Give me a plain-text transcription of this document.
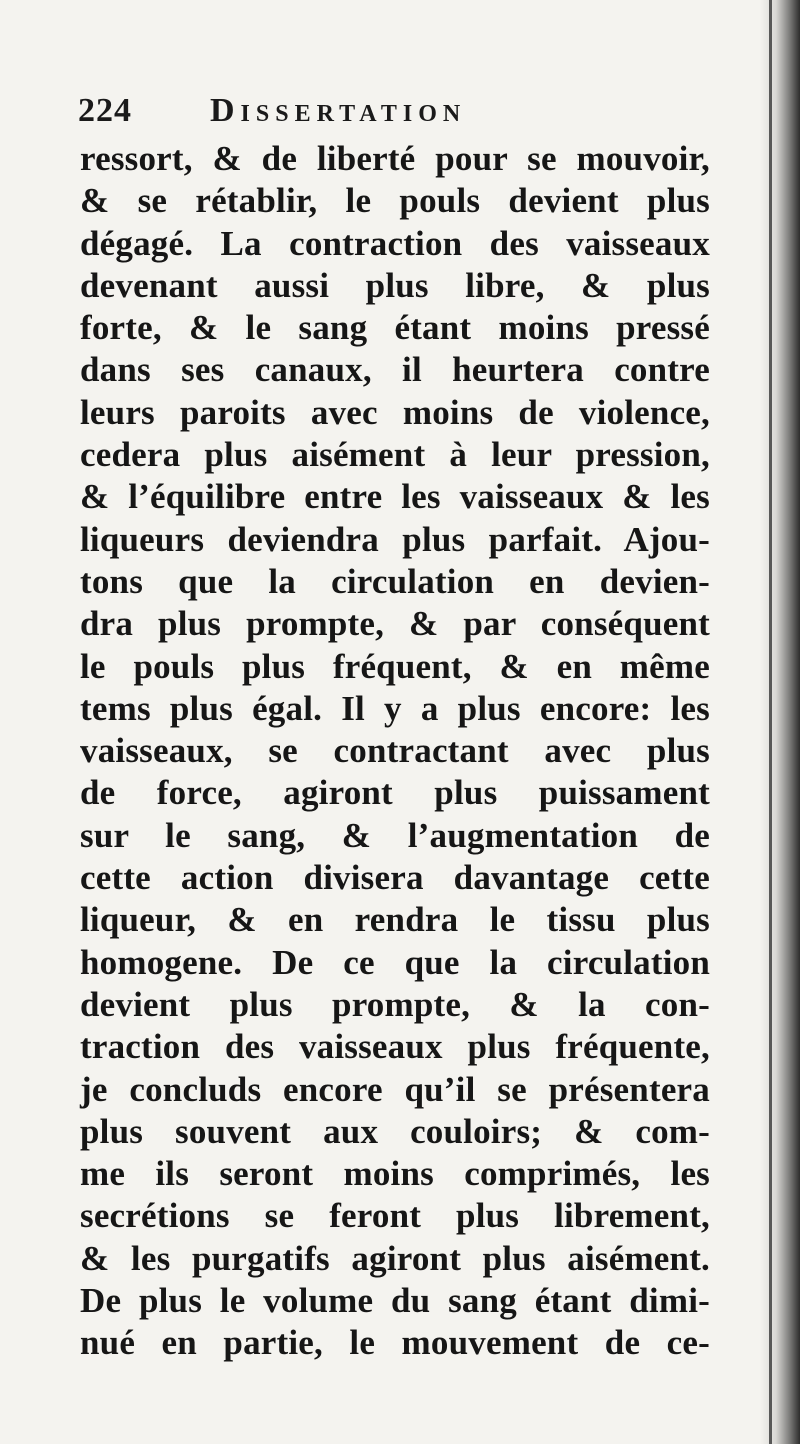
224 Dissertation
ressort, & de liberté pour se mouvoir,
& se rétablir, le pouls devient plus
dégagé. La contraction des vaisseaux
devenant aussi plus libre, & plus
forte, & le sang étant moins pressé
dans ses canaux, il heurtera contre
leurs paroits avec moins de violence,
cedera plus aisément à leur pression,
& l’équilibre entre les vaisseaux & les
liqueurs deviendra plus parfait. Ajou-
tons que la circulation en devien-
dra plus prompte, & par conséquent
le pouls plus fréquent, & en même
tems plus égal. Il y a plus encore: les
vaisseaux, se contractant avec plus
de force, agiront plus puissament
sur le sang, & l’augmentation de
cette action divisera davantage cette
liqueur, & en rendra le tissu plus
homogene. De ce que la circulation
devient plus prompte, & la con-
traction des vaisseaux plus fréquente,
je concluds encore qu’il se présentera
plus souvent aux couloirs; & com-
me ils seront moins comprimés, les
secrétions se feront plus librement,
& les purgatifs agiront plus aisément.
De plus le volume du sang étant dimi-
nué en partie, le mouvement de ce-
